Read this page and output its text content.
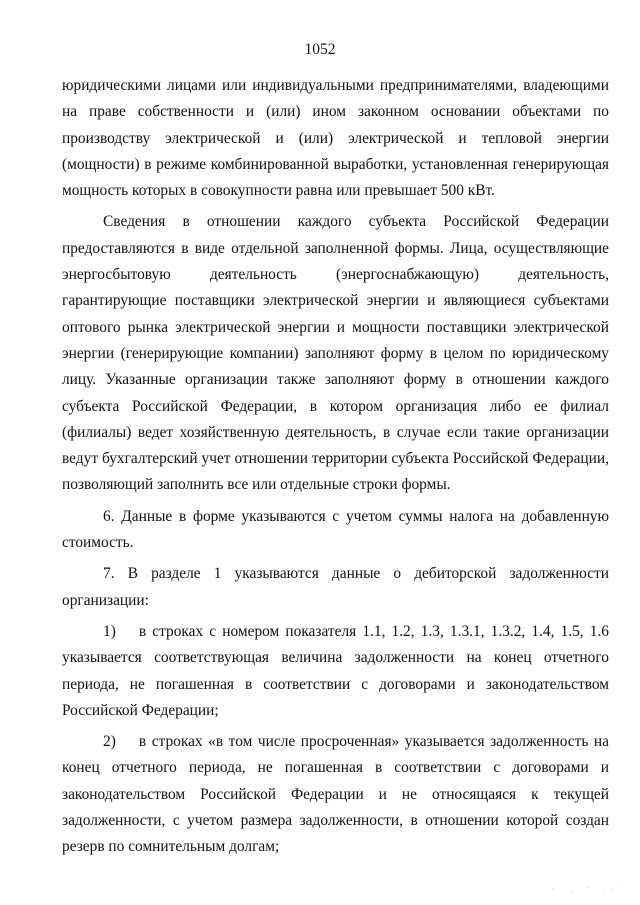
1052

юридическими лицами или индивидуальными предпринимателями, владеющими на праве собственности и (или) ином законном основании объектами по производству электрической и (или) электрической и тепловой энергии (мощности) в режиме комбинированной выработки, установленная генерирующая мощность которых в совокупности равна или превышает 500 кВт.

Сведения в отношении каждого субъекта Российской Федерации предоставляются в виде отдельной заполненной формы. Лица, осуществляющие энергосбытовую деятельность (энергоснабжающую) деятельность, гарантирующие поставщики электрической энергии и являющиеся субъектами оптового рынка электрической энергии и мощности поставщики электрической энергии (генерирующие компании) заполняют форму в целом по юридическому лицу. Указанные организации также заполняют форму в отношении каждого субъекта Российской Федерации, в котором организация либо ее филиал (филиалы) ведет хозяйственную деятельность, в случае если такие организации ведут бухгалтерский учет отношении территории субъекта Российской Федерации, позволяющий заполнить все или отдельные строки формы.

6. Данные в форме указываются с учетом суммы налога на добавленную стоимость.

7. В разделе 1 указываются данные о дебиторской задолженности организации:

1)  в строках с номером показателя 1.1, 1.2, 1.3, 1.3.1, 1.3.2, 1.4, 1.5, 1.6 указывается соответствующая величина задолженности на конец отчетного периода, не погашенная в соответствии с договорами и законодательством Российской Федерации;

2)  в строках «в том числе просроченная» указывается задолженность на конец отчетного периода, не погашенная в соответствии с договорами и законодательством Российской Федерации и не относящаяся к текущей задолженности, с учетом размера задолженности, в отношении которой создан резерв по сомнительным долгам;
